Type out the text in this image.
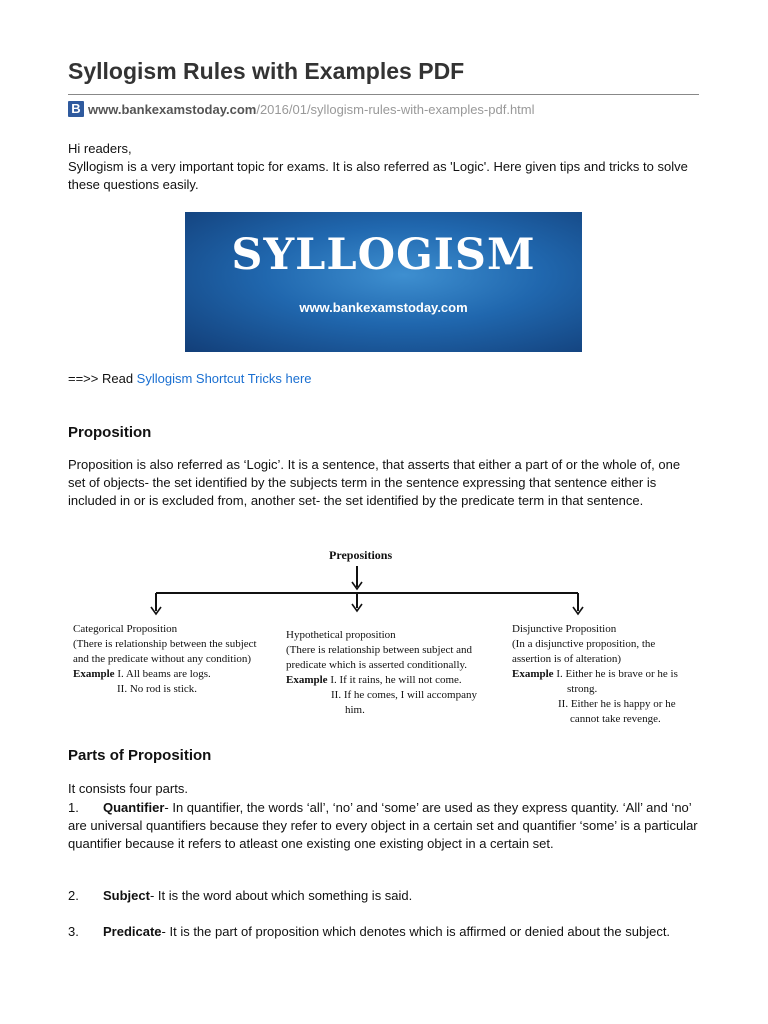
Syllogism Rules with Examples PDF
B www.bankexamstoday.com /2016/01/syllogism-rules-with-examples-pdf.html

Hi readers,

Syllogism is a very important topic for exams. It is also referred as 'Logic'. Here given tips and tricks to solve these questions easily.

SYLLOGISM
www.bankexamstoday.com
==>> Read Syllogism Shortcut Tricks here
Proposition

Proposition is also referred as ‘Logic’. It is a sentence, that asserts that either a part of or the whole of, one set of objects- the set identified by the subjects term in the sentence expressing that sentence either is included in or is excluded from, another set- the set identified by the predicate term in that sentence.

Parts of Proposition

It consists four parts.

1. Quantifier- In quantifier, the words ‘all’, ‘no’ and ‘some’ are used as they express quantity. ‘All’ and ‘no’ are universal quantifiers because they refer to every object in a certain set and quantifier ‘some’ is a particular quantifier because it refers to atleast one existing one existing object in a certain set.

2. Subject- It is the word about which something is said.

3. Predicate- It is the part of proposition which denotes which is affirmed or denied about the subject.

Prepositions
Categorical Proposition
(There is relationship between the subject
and the predicate without any condition)
Example I. All beams are logs.
II. No rod is stick.
Hypothetical proposition
(There is relationship between subject and
predicate which is asserted conditionally.
Example I. If it rains, he will not come.
II. If he comes, I will accompany
him.
Disjunctive Proposition
(In a disjunctive proposition, the
assertion is of alteration)
Example I. Either he is brave or he is
strong.
II. Either he is happy or he
cannot take revenge.
